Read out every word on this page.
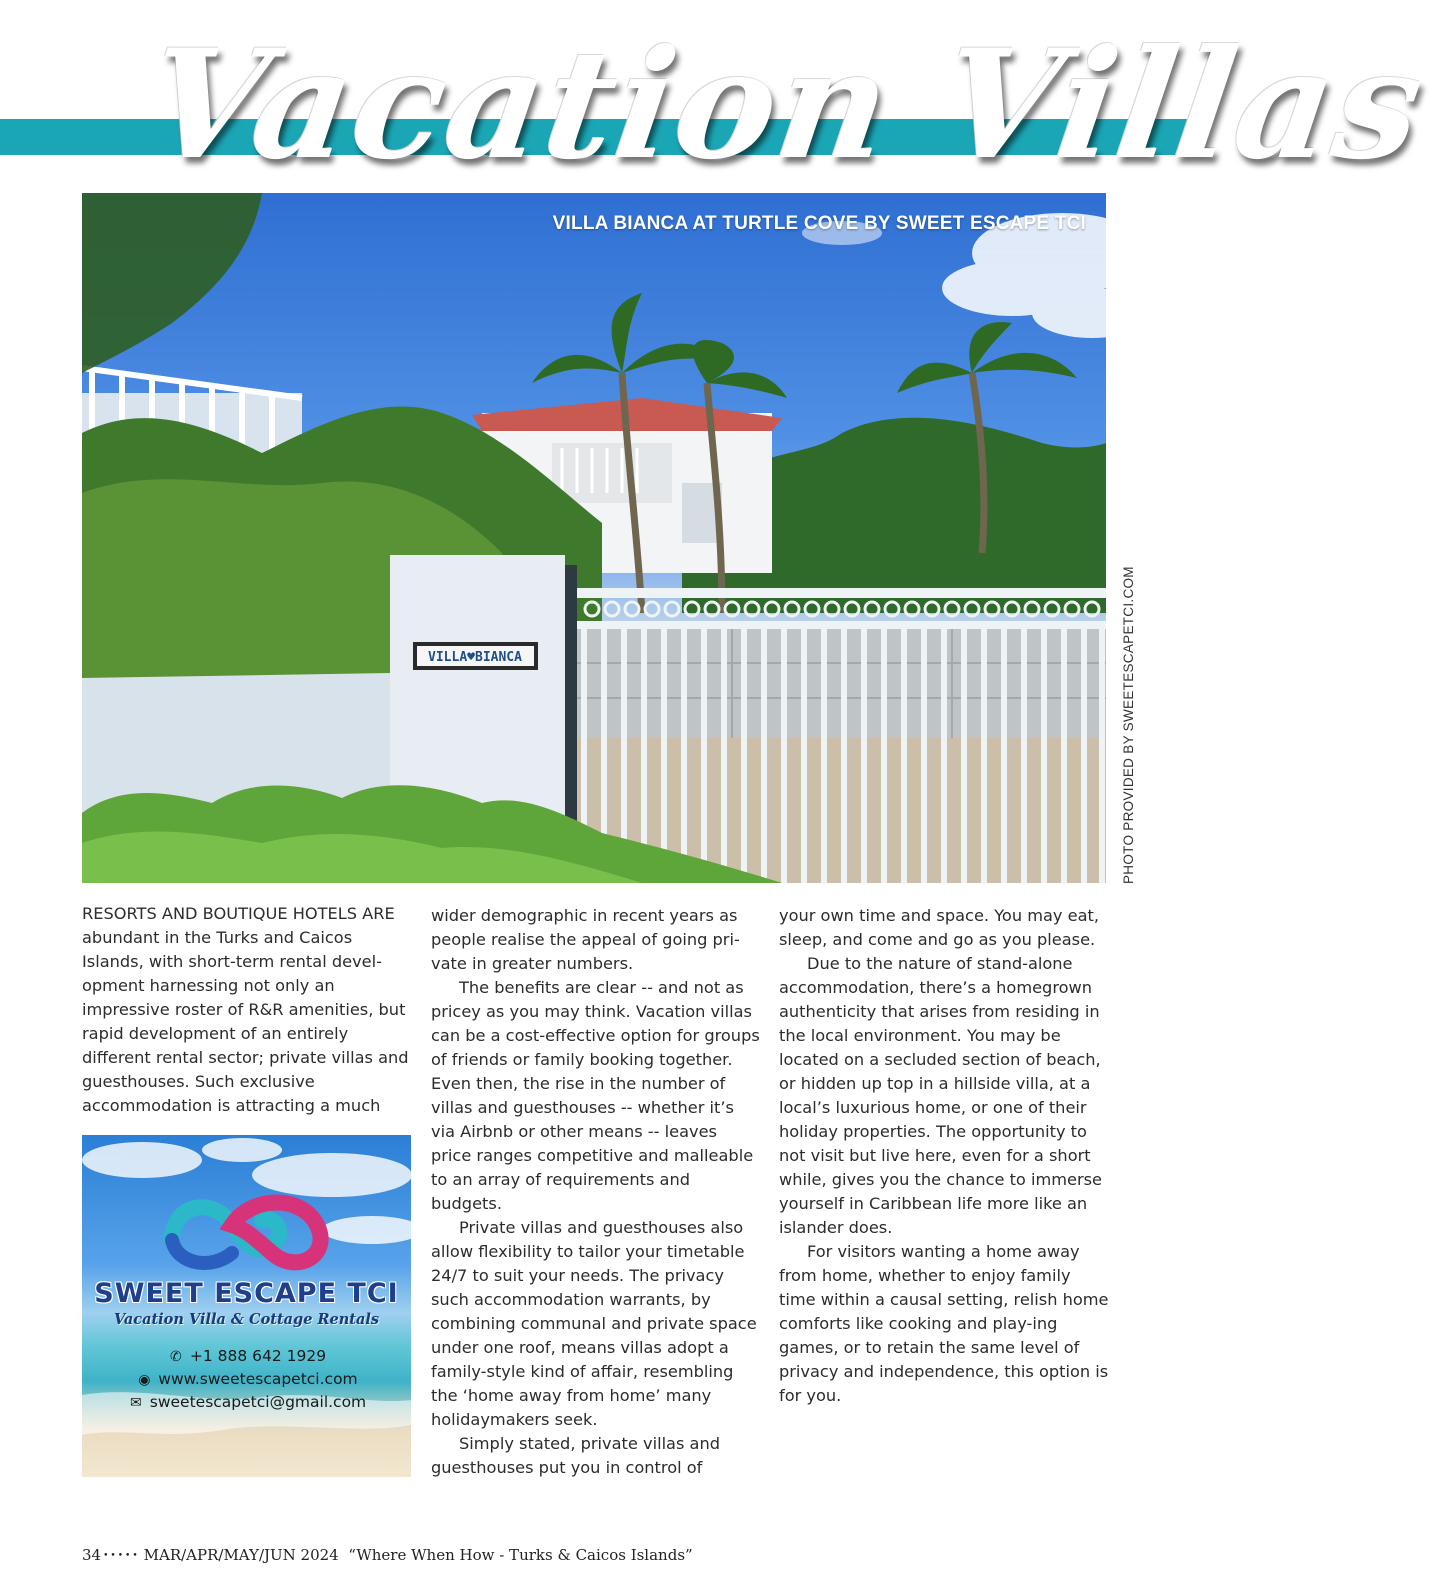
Vacation Villas
VILLA♥BIANCA
VILLA BIANCA AT TURTLE COVE BY SWEET ESCAPE TCI
PHOTO PROVIDED BY SWEETESCAPETCI.COM

RESORTS AND BOUTIQUE HOTELS ARE abundant in the Turks and Caicos Islands, with short-term rental devel-opment harnessing not only an impressive roster of R&R amenities, but rapid development of an entirely different rental sector; private villas and guesthouses. Such exclusive accommodation is attracting a much

wider demographic in recent years as people realise the appeal of going pri-vate in greater numbers.

The benefits are clear -- and not as pricey as you may think. Vacation villas can be a cost-effective option for groups of friends or family booking together. Even then, the rise in the number of villas and guesthouses -- whether it’s via Airbnb or other means -- leaves price ranges competitive and malleable to an array of requirements and budgets.

Private villas and guesthouses also allow flexibility to tailor your timetable 24/7 to suit your needs. The privacy such accommodation warrants, by combining communal and private space under one roof, means villas adopt a family-style kind of affair, resembling the ‘home away from home’ many holidaymakers seek.

Simply stated, private villas and guesthouses put you in control of

your own time and space. You may eat, sleep, and come and go as you please.

Due to the nature of stand-alone accommodation, there’s a homegrown authenticity that arises from residing in the local environment. You may be located on a secluded section of beach, or hidden up top in a hillside villa, at a local’s luxurious home, or one of their holiday properties. The opportunity to not visit but live here, even for a short while, gives you the chance to immerse yourself in Caribbean life more like an islander does.

For visitors wanting a home away from home, whether to enjoy family time within a causal setting, relish home comforts like cooking and play-ing games, or to retain the same level of privacy and independence, this option is for you.

SWEET ESCAPE TCI
Vacation Villa & Cottage Rentals
✆ +1 888 642 1929
◉ www.sweetescapetci.com
✉ sweetescapetci@gmail.com
34 ••••• MAR/APR/MAY/JUN 2024 “Where When How - Turks & Caicos Islands”
